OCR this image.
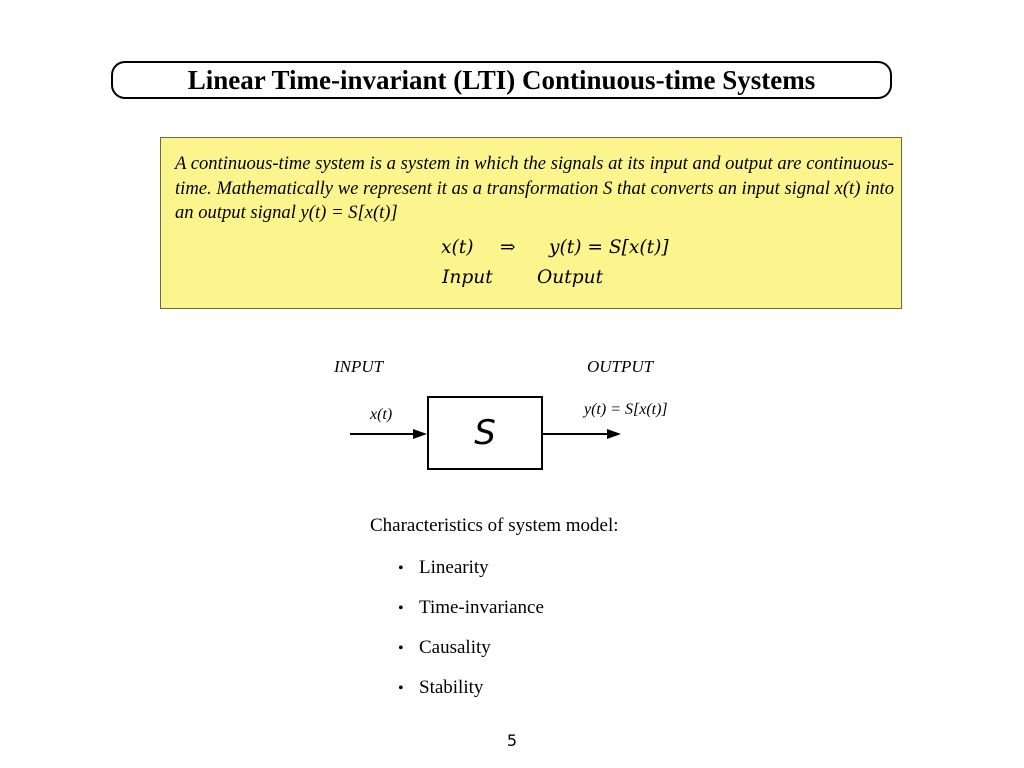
Linear Time-invariant (LTI) Continuous-time Systems

A continuous-time system is a system in which the signals at its input and output are continuous-time. Mathematically we represent it as a transformation S that converts an input signal x(t) into an output signal y(t) = S[x(t)]

x(t) ⇒ y(t) = S[x(t)]
Input Output
INPUT	OUTPUT
x(t)	y(t) = S[x(t)]
S
Characteristics of system model:
• Linearity
• Time-invariance
• Causality
• Stability
5
